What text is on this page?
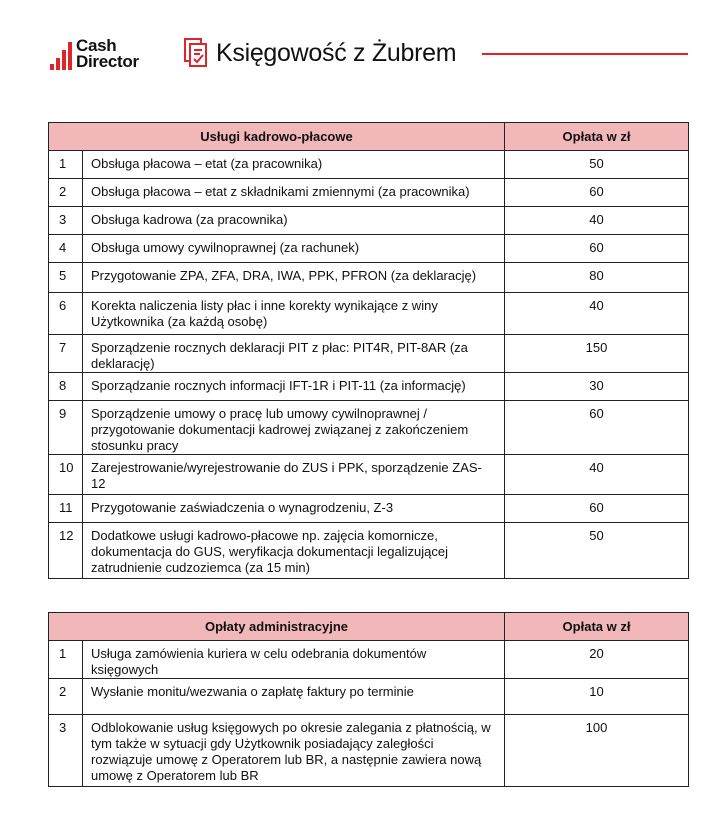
Cash
Director	Księgowość z Żubrem
Usługi kadrowo-płacowe		Opłata w zł
1	Obsługa płacowa – etat (za pracownika)	50
2	Obsługa płacowa – etat z składnikami zmiennymi (za pracownika)	60
3	Obsługa kadrowa (za pracownika)	40
4	Obsługa umowy cywilnoprawnej (za rachunek)	60
5	Przygotowanie ZPA, ZFA, DRA, IWA, PPK, PFRON (za deklarację)	80
6	Korekta naliczenia listy płac i inne korekty wynikające z winy Użytkownika (za każdą osobę)	40
7	Sporządzenie rocznych deklaracji PIT z płac: PIT4R, PIT-8AR (za deklarację)	150
8	Sporządzanie rocznych informacji IFT-1R i PIT-11 (za informację)	30
9	Sporządzenie umowy o pracę lub umowy cywilnoprawnej / przygotowanie dokumentacji kadrowej związanej z zakończeniem stosunku pracy	60
10	Zarejestrowanie/wyrejestrowanie do ZUS i PPK, sporządzenie ZAS-12	40
11	Przygotowanie zaświadczenia o wynagrodzeniu, Z-3	60
12	Dodatkowe usługi kadrowo-płacowe np. zajęcia komornicze, dokumentacja do GUS, weryfikacja dokumentacji legalizującej zatrudnienie cudzoziemca (za 15 min)	50
Opłaty administracyjne		Opłata w zł
1	Usługa zamówienia kuriera w celu odebrania dokumentów księgowych	20
2	Wysłanie monitu/wezwania o zapłatę faktury po terminie	10
3	Odblokowanie usług księgowych po okresie zalegania z płatnością, w tym także w sytuacji gdy Użytkownik posiadający zaległości rozwiązuje umowę z Operatorem lub BR, a następnie zawiera nową umowę z Operatorem lub BR	100
